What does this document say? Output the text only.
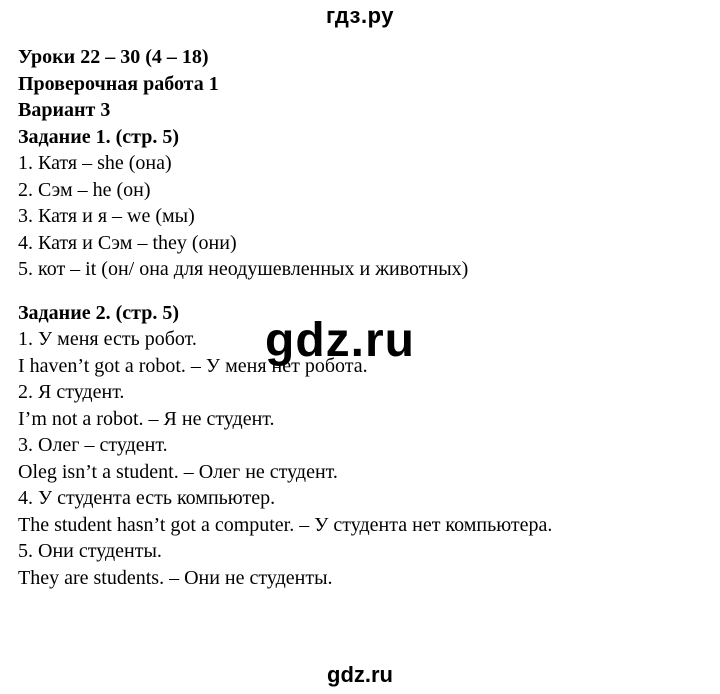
гдз.ру
Уроки 22 – 30 (4 – 18)
Проверочная работа 1
Вариант 3
Задание 1. (стр. 5)
1. Катя – she (она)
2. Сэм – he (он)
3. Катя и я – we (мы)
4. Катя и Сэм – they (они)
5. кот – it (он/ она для неодушевленных и животных)
Задание 2. (стр. 5)
1. У меня есть робот.
I haven’t got a robot. – У меня нет робота.
2. Я студент.
I’m not a robot. – Я не студент.
3. Олег – студент.
Oleg isn’t a student. – Олег не студент.
4. У студента есть компьютер.
The student hasn’t got a computer. – У студента нет компьютера.
5. Они студенты.
They are students. – Они не студенты.
gdz.ru
gdz.ru
